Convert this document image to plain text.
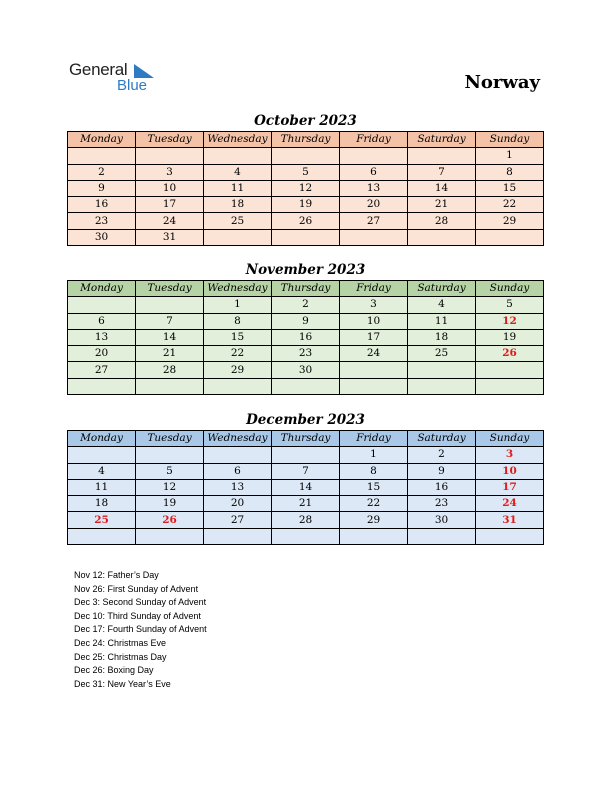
General
Blue	Norway
October 2023
Monday	Tuesday	Wednesday	Thursday	Friday	Saturday	Sunday
						1
2	3	4	5	6	7	8
9	10	11	12	13	14	15
16	17	18	19	20	21	22
23	24	25	26	27	28	29
30	31					
November 2023
Monday	Tuesday	Wednesday	Thursday	Friday	Saturday	Sunday
		1	2	3	4	5
6	7	8	9	10	11	12
13	14	15	16	17	18	19
20	21	22	23	24	25	26
27	28	29	30			

December 2023
Monday	Tuesday	Wednesday	Thursday	Friday	Saturday	Sunday
				1	2	3
4	5	6	7	8	9	10
11	12	13	14	15	16	17
18	19	20	21	22	23	24
25	26	27	28	29	30	31

Nov 12: Father’s Day
Nov 26: First Sunday of Advent
Dec 3: Second Sunday of Advent
Dec 10: Third Sunday of Advent
Dec 17: Fourth Sunday of Advent
Dec 24: Christmas Eve
Dec 25: Christmas Day
Dec 26: Boxing Day
Dec 31: New Year’s Eve
